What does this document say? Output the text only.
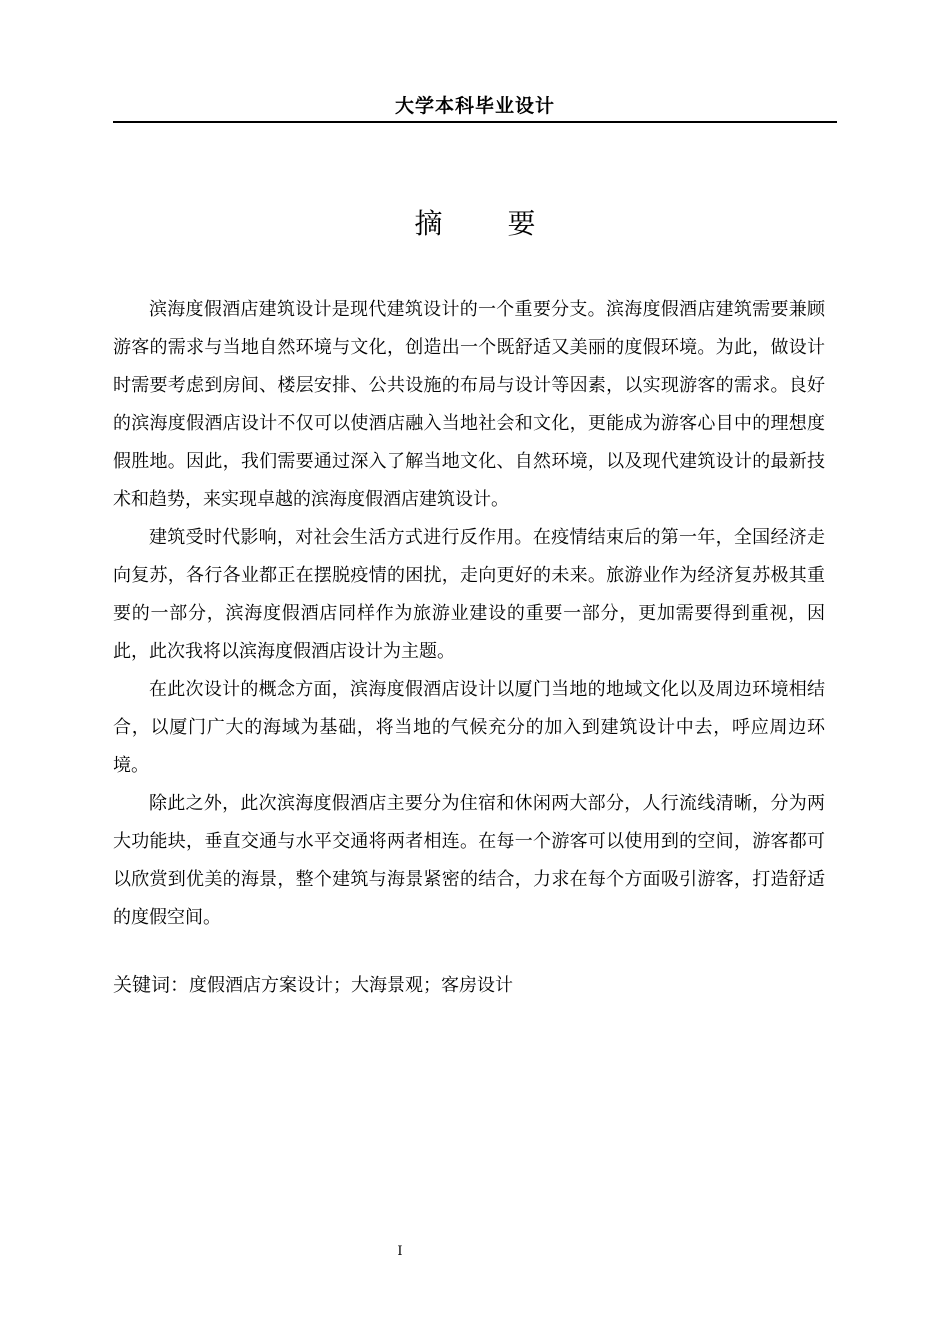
大学本科毕业设计
摘 要

滨海度假酒店建筑设计是现代建筑设计的一个重要分支。滨海度假酒店建筑需要兼顾游客的需求与当地自然环境与文化，创造出一个既舒适又美丽的度假环境。为此，做设计时需要考虑到房间、楼层安排、公共设施的布局与设计等因素，以实现游客的需求。良好的滨海度假酒店设计不仅可以使酒店融入当地社会和文化，更能成为游客心目中的理想度假胜地。因此，我们需要通过深入了解当地文化、自然环境，以及现代建筑设计的最新技术和趋势，来实现卓越的滨海度假酒店建筑设计。

建筑受时代影响，对社会生活方式进行反作用。在疫情结束后的第一年，全国经济走向复苏，各行各业都正在摆脱疫情的困扰，走向更好的未来。旅游业作为经济复苏极其重要的一部分，滨海度假酒店同样作为旅游业建设的重要一部分，更加需要得到重视，因此，此次我将以滨海度假酒店设计为主题。

在此次设计的概念方面，滨海度假酒店设计以厦门当地的地域文化以及周边环境相结合，以厦门广大的海域为基础，将当地的气候充分的加入到建筑设计中去，呼应周边环境。

除此之外，此次滨海度假酒店主要分为住宿和休闲两大部分，人行流线清晰，分为两大功能块，垂直交通与水平交通将两者相连。在每一个游客可以使用到的空间，游客都可以欣赏到优美的海景，整个建筑与海景紧密的结合，力求在每个方面吸引游客，打造舒适的度假空间。

关键词：度假酒店方案设计；大海景观；客房设计
I
